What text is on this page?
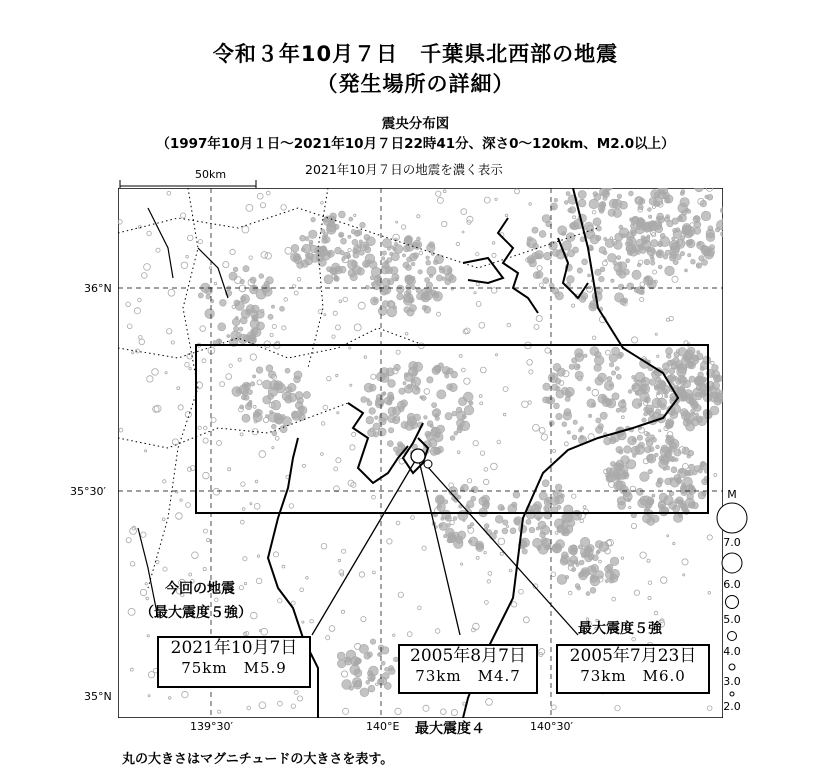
令和３年10月７日　千葉県北西部の地震
（発生場所の詳細）
震央分布図
（1997年10月１日～2021年10月７日22時41分、深さ0～120km、M2.0以上）
2021年10月７日の地震を濃く表示
50km
36°N
35°30′
35°N
139°30′	140°E	140°30′
今回の地震
（最大震度５強）
最大震度５強
最大震度４
2021年10月7日
75km　M5.9
2005年8月7日
73km　M4.7
2005年7月23日
73km　M6.0
M
7.0
6.0
5.0
4.0
3.0
2.0
丸の大きさはマグニチュードの大きさを表す。
